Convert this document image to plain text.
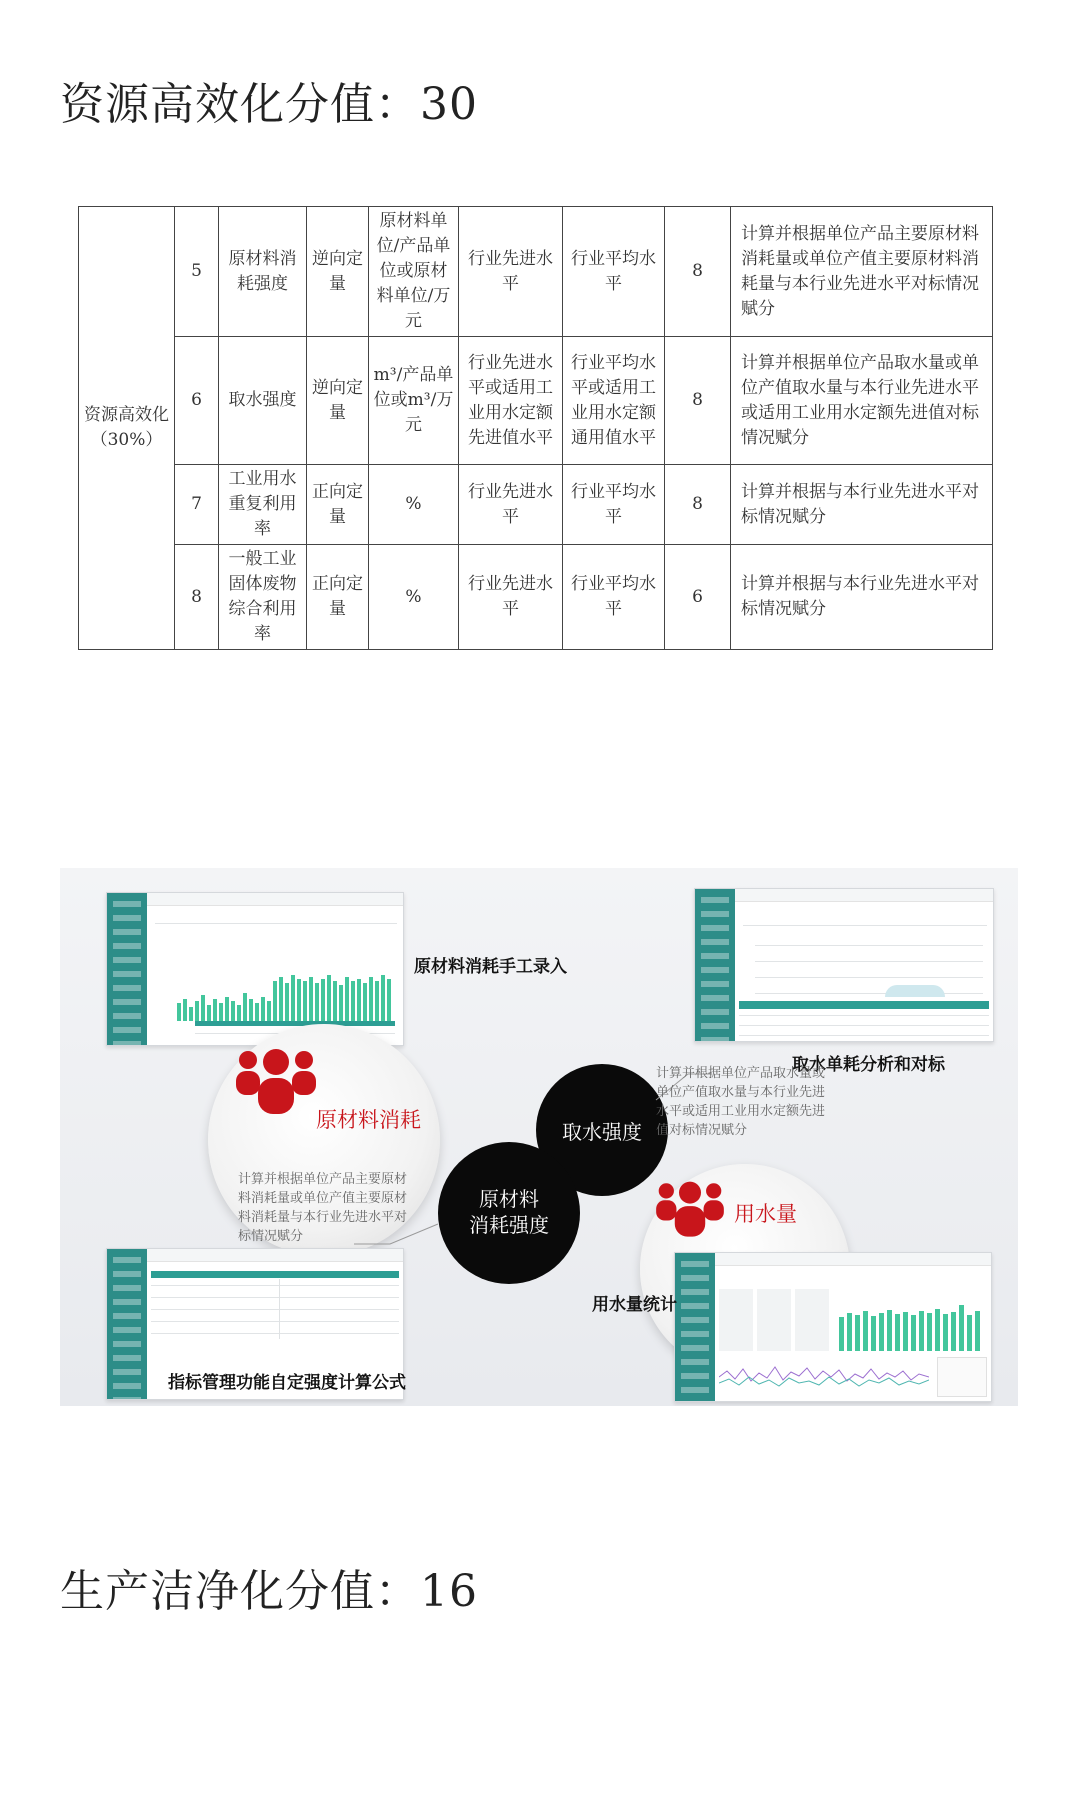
资源高效化分值：30
资源高效化（30%）	5	原材料消耗强度	逆向定量	原材料单位/产品单位或原材料单位/万元	行业先进水平	行业平均水平	8	计算并根据单位产品主要原材料消耗量或单位产值主要原材料消耗量与本行业先进水平对标情况赋分
	6	取水强度	逆向定量	m³/产品单位或m³/万元	行业先进水平或适用工业用水定额先进值水平	行业平均水平或适用工业用水定额通用值水平	8	计算并根据单位产品取水量或单位产值取水量与本行业先进水平或适用工业用水定额先进值对标情况赋分
	7	工业用水重复利用率	正向定量	%	行业先进水平	行业平均水平	8	计算并根据与本行业先进水平对标情况赋分
	8	一般工业固体废物综合利用率	正向定量	%	行业先进水平	行业平均水平	6	计算并根据与本行业先进水平对标情况赋分
原材料消耗手工录入
取水单耗分析和对标
原材料消耗	取水强度
原材料
消耗强度	用水量
计算并根据单位产品取水量或
单位产值取水量与本行业先进
水平或适用工业用水定额先进
值对标情况赋分
计算并根据单位产品主要原材
料消耗量或单位产值主要原材
料消耗量与本行业先进水平对
标情况赋分
指标管理功能自定强度计算公式
用水量统计
生产洁净化分值：16
